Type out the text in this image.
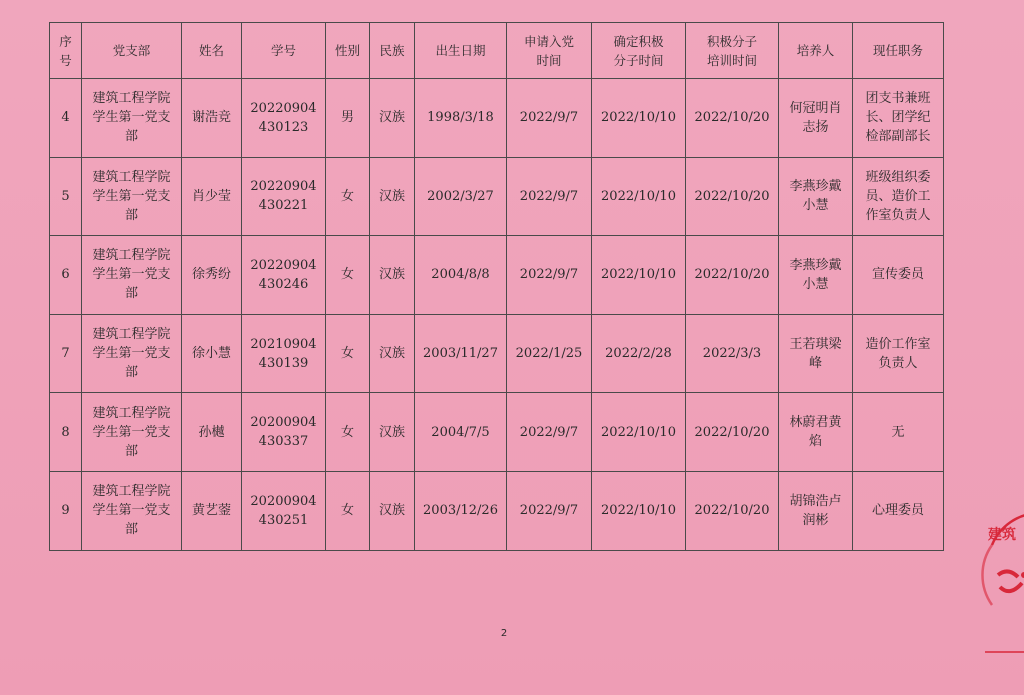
序号	党支部	姓名	学号	性别	民族	出生日期	申请入党时间	确定积极分子时间	积极分子培训时间	培养人	现任职务
4	建筑工程学院学生第一党支部	谢浩竞	20220904430123	男	汉族	1998/3/18	2022/9/7	2022/10/10	2022/10/20	何冠明肖志扬	团支书兼班长、团学纪检部副部长
5	建筑工程学院学生第一党支部	肖少莹	20220904430221	女	汉族	2002/3/27	2022/9/7	2022/10/10	2022/10/20	李燕珍戴小慧	班级组织委员、造价工作室负责人
6	建筑工程学院学生第一党支部	徐秀纷	20220904430246	女	汉族	2004/8/8	2022/9/7	2022/10/10	2022/10/20	李燕珍戴小慧	宣传委员
7	建筑工程学院学生第一党支部	徐小慧	20210904430139	女	汉族	2003/11/27	2022/1/25	2022/2/28	2022/3/3	王若琪梁 峰	造价工作室负责人
8	建筑工程学院学生第一党支部	孙樾	20200904430337	女	汉族	2004/7/5	2022/9/7	2022/10/10	2022/10/20	林蔚君黄 焰	无
9	建筑工程学院学生第一党支部	黄艺蓥	20200904430251	女	汉族	2003/12/26	2022/9/7	2022/10/10	2022/10/20	胡锦浩卢润彬	心理委员
2
建筑
